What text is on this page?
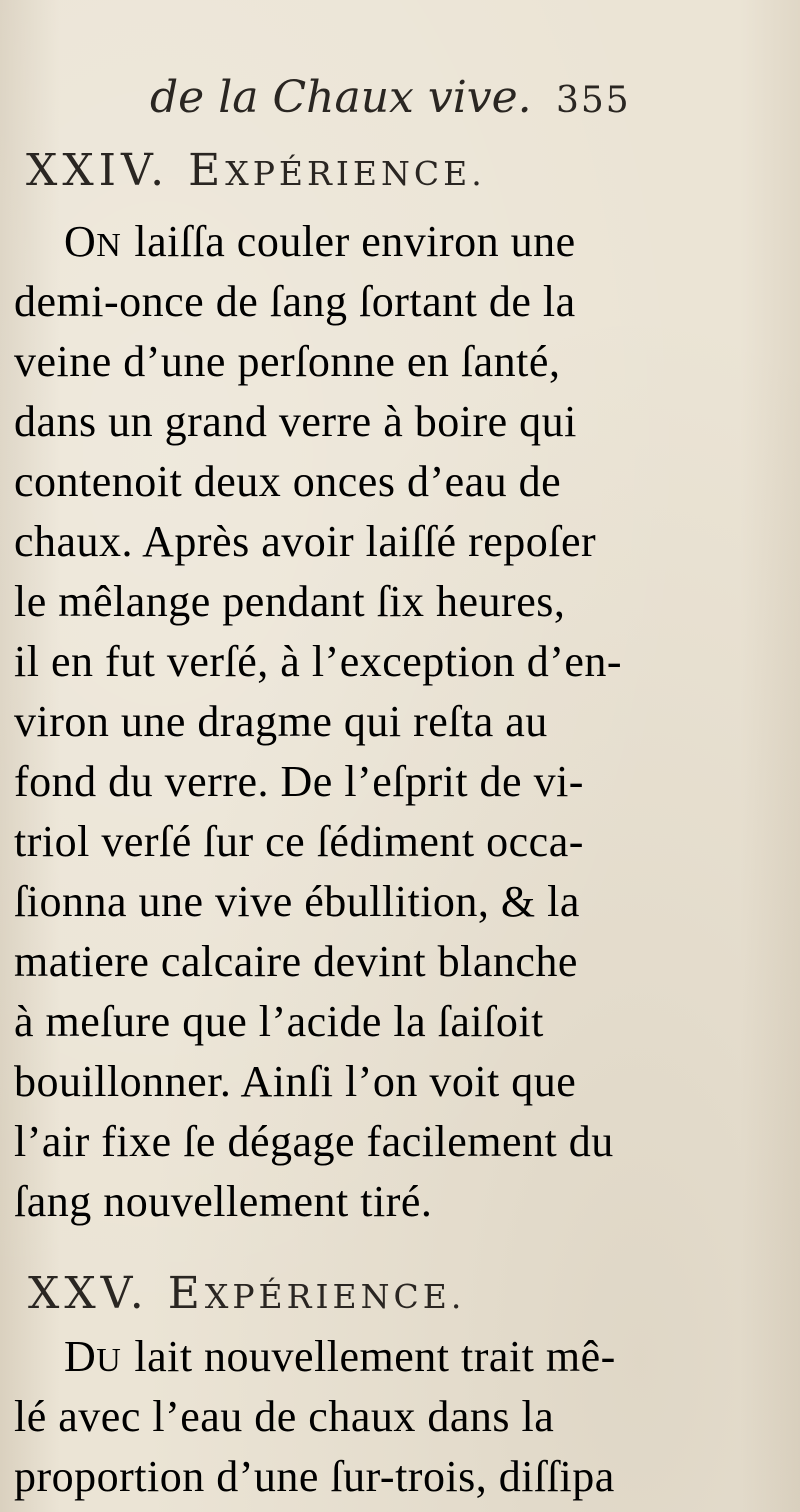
de la Chaux vive. 355
XXIV. EXPÉRIENCE.
ON laiſſa couler environ une
demi-once de ſang ſortant de la
veine d’une perſonne en ſanté,
dans un grand verre à boire qui
contenoit deux onces d’eau de
chaux. Après avoir laiſſé repoſer
le mêlange pendant ſix heures,
il en fut verſé, à l’exception d’en-
viron une dragme qui reſta au
fond du verre. De l’eſprit de vi-
triol verſé ſur ce ſédiment occa-
ſionna une vive ébullition, & la
matiere calcaire devint blanche
à meſure que l’acide la ſaiſoit
bouillonner. Ainſi l’on voit que
l’air fixe ſe dégage facilement du
ſang nouvellement tiré.
XXV. EXPÉRIENCE.
DU lait nouvellement trait mê-
lé avec l’eau de chaux dans la
proportion d’une ſur-trois, diſſipa
